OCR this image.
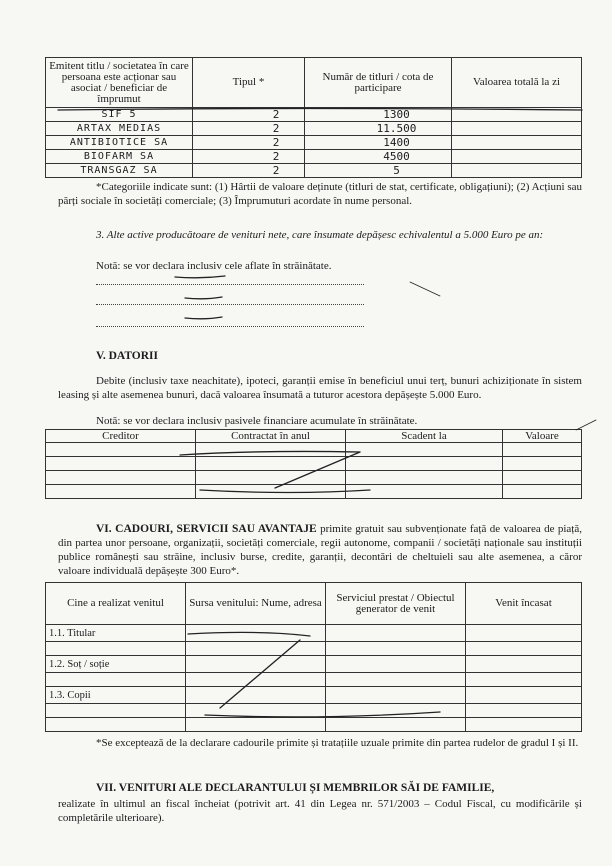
Emitent titlu / societatea în care persoana este acționar sau asociat / beneficiar de împrumut	Tipul *	Număr de titluri / cota de participare	Valoarea totală la zi
SIF 5	2	1300	
ARTAX MEDIAS	2	11.500	
ANTIBIOTICE SA	2	1400	
BIOFARM SA	2	4500	
TRANSGAZ SA	2	5	
*Categoriile indicate sunt: (1) Hârtii de valoare deținute (titluri de stat, certificate, obligațiuni); (2) Acțiuni sau părți sociale în societăți comerciale; (3) Împrumuturi acordate în nume personal.
3. Alte active producătoare de venituri nete, care însumate depășesc echivalentul a 5.000 Euro pe an:
Notă: se vor declara inclusiv cele aflate în străinătate.
V. DATORII
Debite (inclusiv taxe neachitate), ipoteci, garanții emise în beneficiul unui terț, bunuri achiziționate în sistem leasing și alte asemenea bunuri, dacă valoarea însumată a tuturor acestora depășește 5.000 Euro.
Notă: se vor declara inclusiv pasivele financiare acumulate în străinătate.
Creditor	Contractat în anul	Scadent la	Valoare

VI. CADOURI, SERVICII SAU AVANTAJE primite gratuit sau subvenționate față de valoarea de piață, din partea unor persoane, organizații, societăți comerciale, regii autonome, companii / societăți naționale sau instituții publice românești sau străine, inclusiv burse, credite, garanții, decontări de cheltuieli sau alte asemenea, a căror valoare individuală depășește 300 Euro*.
Cine a realizat venitul	Sursa venitului: Nume, adresa	Serviciul prestat / Obiectul generator de venit	Venit încasat
1.1. Titular			

1.2. Soț / soție			

1.3. Copii			

*Se exceptează de la declarare cadourile primite și tratațiile uzuale primite din partea rudelor de gradul I și II.
VII. VENITURI ALE DECLARANTULUI ȘI MEMBRILOR SĂI DE FAMILIE,
realizate în ultimul an fiscal încheiat (potrivit art. 41 din Legea nr. 571/2003 – Codul Fiscal, cu modificările și completările ulterioare).
